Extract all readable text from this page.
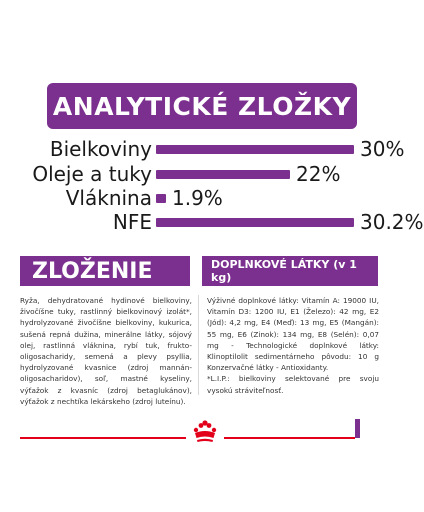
ANALYTICKÉ ZLOŽKY
Bielkoviny	30%
Oleje a tuky	22%
Vláknina 1.9%
NFE	30.2%
ZLOŽENIE	DOPLNKOVÉ LÁTKY (v 1 kg)

Ryža, dehydratované hydinové bielkoviny, živočíšne tuky, rastlinný bielkovinový izolát*, hydrolyzované živočíšne bielkoviny, kukurica, sušená repná dužina, minerálne látky, sójový olej, rastlinná vláknina, rybí tuk, frukto-oligosacharidy, semená a plevy psyllia, hydrolyzované kvasnice (zdroj mannán-oligosacharidov), soľ, mastné kyseliny, výťažok z kvasníc (zdroj betaglukánov), výťažok z nechtíka lekárskeho (zdroj luteínu).

Výživné doplnkové látky: Vitamín A: 19000 IU, Vitamín D3: 1200 IU, E1 (Železo): 42 mg, E2 (Jód): 4,2 mg, E4 (Meď): 13 mg, E5 (Mangán): 55 mg, E6 (Zinok): 134 mg, E8 (Selén): 0,07 mg - Technologické doplnkové látky: Klinoptilolit sedimentárneho pôvodu: 10 g Konzervačné látky - Antioxidanty.

*L.I.P.: bielkoviny selektované pre svoju vysokú stráviteľnosť.
